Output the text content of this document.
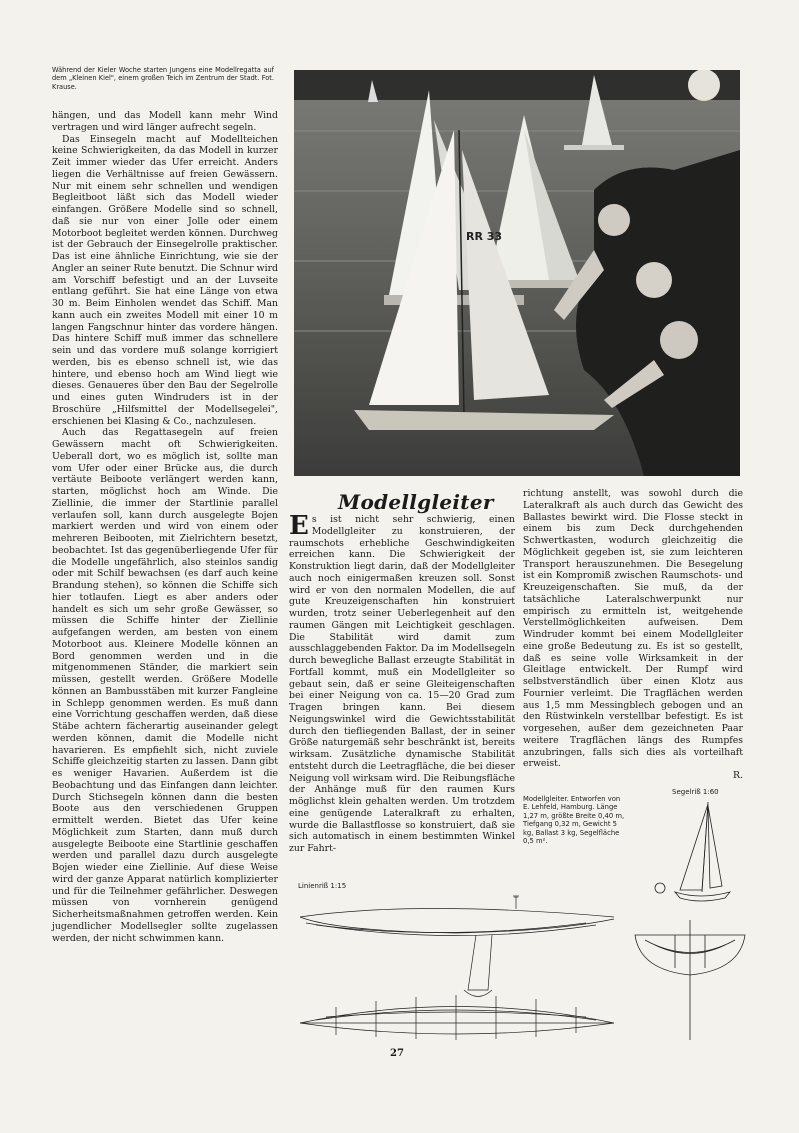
Während der Kieler Woche starten Jungens eine Modellregatta auf dem „Kleinen Kiel", einem großen Teich im Zentrum der Stadt. Fot. Krause.

hängen, und das Modell kann mehr Wind vertragen und wird länger aufrecht segeln.

Das Einsegeln macht auf Modellteichen keine Schwierigkeiten, da das Modell in kurzer Zeit immer wieder das Ufer erreicht. Anders liegen die Verhältnisse auf freien Gewässern. Nur mit einem sehr schnellen und wendigen Begleitboot läßt sich das Modell wieder einfangen. Größere Modelle sind so schnell, daß sie nur von einer Jolle oder einem Motorboot begleitet werden können. Durchweg ist der Gebrauch der Einsegelrolle praktischer. Das ist eine ähnliche Einrichtung, wie sie der Angler an seiner Rute benutzt. Die Schnur wird am Vorschiff befestigt und an der Luvseite entlang geführt. Sie hat eine Länge von etwa 30 m. Beim Einholen wendet das Schiff. Man kann auch ein zweites Modell mit einer 10 m langen Fangschnur hinter das vordere hängen. Das hintere Schiff muß immer das schnellere sein und das vordere muß solange korrigiert werden, bis es ebenso schnell ist, wie das hintere, und ebenso hoch am Wind liegt wie dieses. Genaueres über den Bau der Segelrolle und eines guten Windruders ist in der Broschüre „Hilfsmittel der Modellsegelei", erschienen bei Klasing & Co., nachzulesen.

Auch das Regattasegeln auf freien Gewässern macht oft Schwierigkeiten. Ueberall dort, wo es möglich ist, sollte man vom Ufer oder einer Brücke aus, die durch vertäute Beiboote verlängert werden kann, starten, möglichst hoch am Winde. Die Ziellinie, die immer der Startlinie parallel verlaufen soll, kann durch ausgelegte Bojen markiert werden und wird von einem oder mehreren Beibooten, mit Zielrichtern besetzt, beobachtet. Ist das gegenüberliegende Ufer für die Modelle ungefährlich, also steinlos sandig oder mit Schilf bewachsen (es darf auch keine Brandung stehen), so können die Schiffe sich hier totlaufen. Liegt es aber anders oder handelt es sich um sehr große Gewässer, so müssen die Schiffe hinter der Ziellinie aufgefangen werden, am besten von einem Motorboot aus. Kleinere Modelle können an Bord genommen werden und in die mitgenommenen Ständer, die markiert sein müssen, gestellt werden. Größere Modelle können an Bambusstäben mit kurzer Fangleine in Schlepp genommen werden. Es muß dann eine Vorrichtung geschaffen werden, daß diese Stäbe achtern fächerartig auseinander gelegt werden können, damit die Modelle nicht havarieren. Es empfiehlt sich, nicht zuviele Schiffe gleichzeitig starten zu lassen. Dann gibt es weniger Havarien. Außerdem ist die Beobachtung und das Einfangen dann leichter. Durch Stichsegeln können dann die besten Boote aus den verschiedenen Gruppen ermittelt werden. Bietet das Ufer keine Möglichkeit zum Starten, dann muß durch ausgelegte Beiboote eine Startlinie geschaffen werden und parallel dazu durch ausgelegte Bojen wieder eine Ziellinie. Auf diese Weise wird der ganze Apparat natürlich komplizierter und für die Teilnehmer gefährlicher. Deswegen müssen von vornherein genügend Sicherheitsmaßnahmen getroffen werden. Kein jugendlicher Modellsegler sollte zugelassen werden, der nicht schwimmen kann.

RR 33
Modellgleiter

Es ist nicht sehr schwierig, einen Modellgleiter zu konstruieren, der raumschots erhebliche Geschwindigkeiten erreichen kann. Die Schwierigkeit der Konstruktion liegt darin, daß der Modellgleiter auch noch einigermaßen kreuzen soll. Sonst wird er von den normalen Modellen, die auf gute Kreuzeigenschaften hin konstruiert wurden, trotz seiner Ueberlegenheit auf den raumen Gängen mit Leichtigkeit geschlagen. Die Stabilität wird damit zum ausschlaggebenden Faktor. Da im Modellsegeln durch bewegliche Ballast erzeugte Stabilität in Fortfall kommt, muß ein Modellgleiter so gebaut sein, daß er seine Gleiteigenschaften bei einer Neigung von ca. 15—20 Grad zum Tragen bringen kann. Bei diesem Neigungswinkel wird die Gewichtsstabilität durch den tiefliegenden Ballast, der in seiner Größe naturgemäß sehr beschränkt ist, bereits wirksam. Zusätzliche dynamische Stabilität entsteht durch die Leetragfläche, die bei dieser Neigung voll wirksam wird. Die Reibungsfläche der Anhänge muß für den raumen Kurs möglichst klein gehalten werden. Um trotzdem eine genügende Lateralkraft zu erhalten, wurde die Ballastflosse so konstruiert, daß sie sich automatisch in einem bestimmten Winkel zur Fahrt-

richtung anstellt, was sowohl durch die Lateralkraft als auch durch das Gewicht des Ballastes bewirkt wird. Die Flosse steckt in einem bis zum Deck durchgehenden Schwertkasten, wodurch gleichzeitig die Möglichkeit gegeben ist, sie zum leichteren Transport herauszunehmen. Die Besegelung ist ein Kompromiß zwischen Raumschots- und Kreuzeigenschaften. Sie muß, da der tatsächliche Lateralschwerpunkt nur empirisch zu ermitteln ist, weitgehende Verstellmöglichkeiten aufweisen. Dem Windruder kommt bei einem Modellgleiter eine große Bedeutung zu. Es ist so gestellt, daß es seine volle Wirksamkeit in der Gleitlage entwickelt. Der Rumpf wird selbstverständlich über einen Klotz aus Fournier verleimt. Die Tragflächen werden aus 1,5 mm Messingblech gebogen und an den Rüstwinkeln verstellbar befestigt. Es ist vorgesehen, außer dem gezeichneten Paar weitere Tragflächen längs des Rumpfes anzubringen, falls sich dies als vorteilhaft erweist.

R.
Modellgleiter. Entworfen von E. Lehfeld, Hamburg. Länge 1,27 m, größte Breite 0,40 m, Tiefgang 0,32 m, Gewicht 5 kg, Ballast 3 kg, Segelfläche 0,5 m².
Segelriß 1:60
Linienriß 1:15
27
